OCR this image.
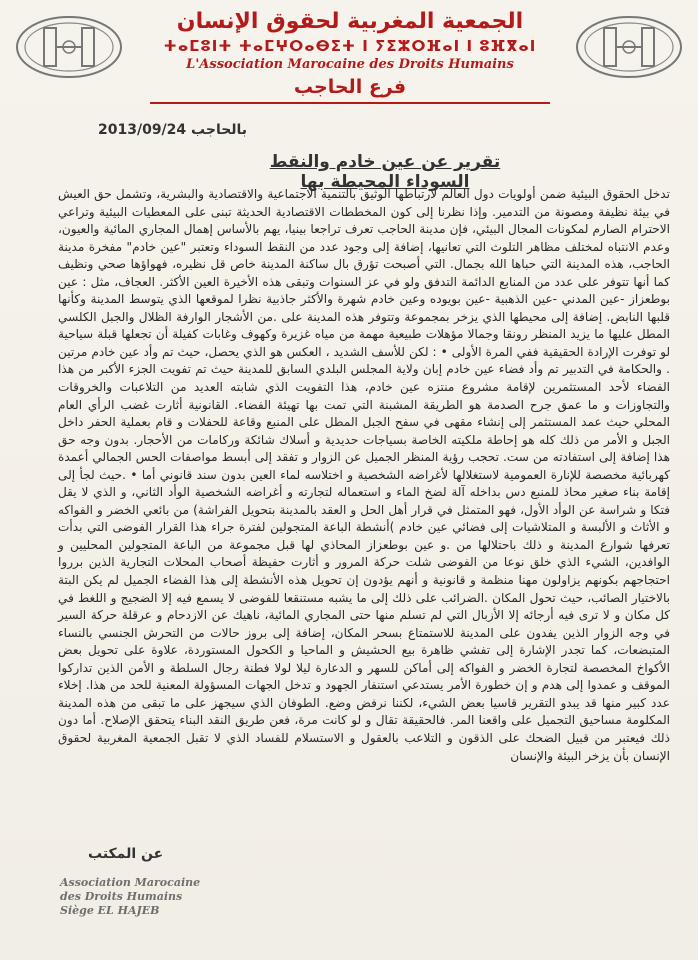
الجمعية المغربية لحقوق الإنسان
ⵜⴰⵎⵓⵏⵜ ⵜⴰⵎⵖⵔⴰⴱⵉⵜ ⵏ ⵢⵉⵣⵔⴼⴰⵏ ⵏ ⵓⴼⴳⴰⵏ
L'Association Marocaine des Droits Humains
فرع الحاجب
بالحاجب 2013/09/24
تقرير عن عين خادم والنقط السوداء المحيطة بها

تدخل الحقوق البيئية ضمن أولويات دول العالم لارتباطها الوثيق بالتنمية الاجتماعية والاقتصادية والبشرية، وتشمل حق العيش في بيئة نظيفة ومصونة من التدمير. وإذا نظرنا إلى كون المخططات الاقتصادية الحديثة تبنى على المعطيات البيئية وتراعي الاحترام الصارم لمكونات المجال البيئي، فإن مدينة الحاجب تعرف تراجعا بينيا، يهم بالأساس إهمال المجاري المائية والعيون، وعدم الانتباه لمختلف مظاهر التلوث التي تعانيها، إضافة إلى وجود عدد من النقط السوداء وتعتبر "عين خادم" مفخرة مدينة الحاجب، هذه المدينة التي حباها الله بجمال. التي أصبحت تؤرق بال ساكنة المدينة خاص قل نظيره، فهواؤها صحي ونظيف كما أنها تتوفر على عدد من المنابع الدائمة التدفق ولو في عز السنوات وتبقى هذه الأخيرة العين الأكثر. العجاف، مثل : عين بوطعزاز -عين المدني -عين الذهبية -عين بويوده وعين خادم شهرة والأكثر جاذبية نظرا لموقعها الذي يتوسط المدينة وكأنها قلبها النابض. إضافة إلى محيطها الذي يزخر بمجموعة وتتوفر هذه المدينة على .من الأشجار الوارفة الظلال والجبل الكلسي المطل عليها ما يزيد المنظر رونقا وجمالا مؤهلات طبيعية مهمة من مياه غزيرة وكهوف وغابات كفيلة أن تجعلها قبلة سياحية لو توفرت الإرادة الحقيقية ففي المرة الأولى • : لكن للأسف الشديد ، العكس هو الذي يحصل، حيث تم وأد عين خادم مرتين . والحكامة في التدبير تم وأد فضاء عين خادم إبان ولاية المجلس البلدي السابق للمدينة حيث تم تفويت الجزء الأكبر من هذا الفضاء لأحد المستثمرين لإقامة مشروع منتزه عين خادم، هذا التفويت الذي شابته العديد من التلاعبات والخروقات والتجاوزات و ما عمق جرح الصدمة هو الطريقة المشبنة التي تمت بها تهيئة الفضاء. القانونية أثارت غضب الرأي العام المحلي حيث عمد المستثمر إلى إنشاء مقهى في سفح الجبل المطل على المنبع وقاعة للحفلات و قام بعملية الحفر داخل الجبل و الأمر من ذلك كله هو إحاطة ملكيته الخاصة بسياجات حديدية و أسلاك شائكة وركامات من الأحجار. بدون وجه حق هذا إضافة إلى استفادته من ست. تحجب رؤية المنظر الجميل عن الزوار و تفقد إلى أبسط مواصفات الحس الجمالي أعمدة كهربائية مخصصة للإنارة العمومية لاستغلالها لأغراضه الشخصية و اختلاسه لماء العين بدون سند قانوني أما • .حيث لجأ إلى إقامة بناء صغير محاذ للمنبع دس بداخله آلة لضخ الماء و استعماله لتجارته و أغراضه الشخصية الوأد الثاني، و الذي لا يقل فتكا و شراسة عن الوأد الأول، فهو المتمثل في قرار أهل الحل و العقد بالمدينة بتحويل الفراشة) من بائعي الخضر و الفواكه و الأثاث و الألبسة و المتلاشيات إلى فضائي عين خادم )أنشطة الباعة المتجولين لفترة جراء هذا القرار الفوضى التي بدأت تعرفها شوارع المدينة و ذلك باحتلالها من .و عين بوطعزاز المحاذي لها قبل مجموعة من الباعة المتجولين المحليين و الوافدين، الشيء الذي خلق نوعا من الفوضى شلت حركة المرور و أثارت حفيظة أصحاب المحلات التجارية الذين برروا احتجاجهم بكونهم يزاولون مهنا منظمة و قانونية و أنهم يؤدون إن تحويل هذه الأنشطة إلى هذا الفضاء الجميل لم يكن البتة بالاختيار الصائب، حيث تحول المكان .الضرائب على ذلك إلى ما يشبه مستنقعا للفوضى لا يسمع فيه إلا الضجيج و اللغط في كل مكان و لا ترى فيه أرجائه إلا الأزبال التي لم تسلم منها حتى المجاري المائية، ناهيك عن الازدحام و عرقلة حركة السير في وجه الزوار الذين يفدون على المدينة للاستمتاع بسحر المكان، إضافة إلى بروز حالات من التحرش الجنسي بالنساء المتبضعات، كما تجدر الإشارة إلى تفشي ظاهرة بيع الحشيش و الماحيا و الكحول المستوردة، علاوة على تحويل بعض الأكواخ المخصصة لتجارة الخضر و الفواكه إلى أماكن للسهر و الدعارة ليلا لولا فطنة رجال السلطة و الأمن الذين تداركوا الموقف و عمدوا إلى هدم و إن خطورة الأمر يستدعي استنفار الجهود و تدخل الجهات المسؤولة المعنية للحد من هذا. إخلاء عدد كبير منها قد يبدو التقرير قاسيا بعض الشيء، لكننا نرفض وضع. الطوفان الذي سيجهز على ما تبقى من هذه المدينة المكلومة مساحيق التجميل على واقعنا المر. فالحقيقة تقال و لو كانت مرة، فعن طريق النقد البناء يتحقق الإصلاح. أما دون ذلك فيعتبر من قبيل الضحك على الذقون و التلاعب بالعقول و الاستسلام للفساد الذي لا تقبل الجمعية المغربية لحقوق الإنسان بأن يزخر البيئة والإنسان

عن المكتب
Association Marocaine
des Droits Humains
Siège EL HAJEB
